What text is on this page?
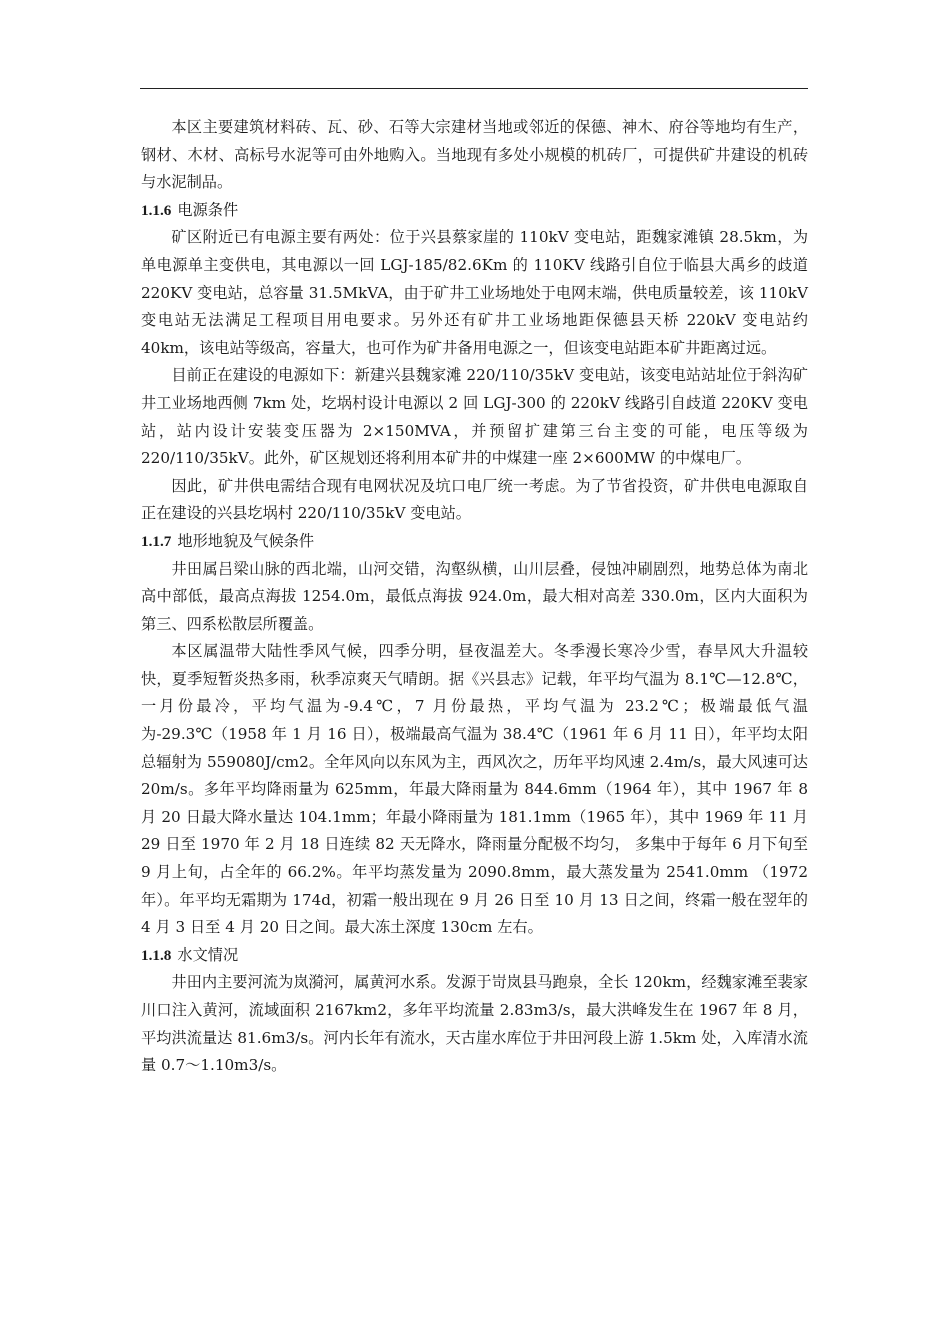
本区主要建筑材料砖、瓦、砂、石等大宗建材当地或邻近的保德、神木、府谷等地均有生产，钢材、木材、高标号水泥等可由外地购入。当地现有多处小规模的机砖厂，可提供矿井建设的机砖与水泥制品。

1.1.6 电源条件

矿区附近已有电源主要有两处：位于兴县蔡家崖的 110kV 变电站，距魏家滩镇 28.5km，为单电源单主变供电，其电源以一回 LGJ-185/82.6Km 的 110KV 线路引自位于临县大禹乡的歧道 220KV 变电站，总容量 31.5MkVA，由于矿井工业场地处于电网末端，供电质量较差，该 110kV 变电站无法满足工程项目用电要求。另外还有矿井工业场地距保德县天桥 220kV 变电站约 40km，该电站等级高，容量大，也可作为矿井备用电源之一，但该变电站距本矿井距离过远。

目前正在建设的电源如下：新建兴县魏家滩 220/110/35kV 变电站，该变电站站址位于斜沟矿井工业场地西侧 7km 处，圪埚村设计电源以 2 回 LGJ-300 的 220kV 线路引自歧道 220KV 变电站，站内设计安装变压器为 2×150MVA，并预留扩建第三台主变的可能，电压等级为 220/110/35kV。此外，矿区规划还将利用本矿井的中煤建一座 2×600MW 的中煤电厂。

因此，矿井供电需结合现有电网状况及坑口电厂统一考虑。为了节省投资，矿井供电电源取自正在建设的兴县圪埚村 220/110/35kV 变电站。

1.1.7 地形地貌及气候条件

井田属吕梁山脉的西北端，山河交错，沟壑纵横，山川层叠，侵蚀冲刷剧烈，地势总体为南北高中部低，最高点海拔 1254.0m，最低点海拔 924.0m，最大相对高差 330.0m，区内大面积为第三、四系松散层所覆盖。

本区属温带大陆性季风气候，四季分明，昼夜温差大。冬季漫长寒冷少雪，春旱风大升温较快，夏季短暂炎热多雨，秋季凉爽天气晴朗。据《兴县志》记载，年平均气温为 8.1℃—12.8℃，一月份最冷，平均气温为-9.4℃，7 月份最热，平均气温为 23.2℃；极端最低气温为-29.3℃（1958 年 1 月 16 日），极端最高气温为 38.4℃（1961 年 6 月 11 日），年平均太阳总辐射为 559080J/cm2。全年风向以东风为主，西风次之，历年平均风速 2.4m/s，最大风速可达 20m/s。多年平均降雨量为 625mm，年最大降雨量为 844.6mm（1964 年），其中 1967 年 8 月 20 日最大降水量达 104.1mm；年最小降雨量为 181.1mm（1965 年），其中 1969 年 11 月 29 日至 1970 年 2 月 18 日连续 82 天无降水，降雨量分配极不均匀， 多集中于每年 6 月下旬至 9 月上旬，占全年的 66.2%。年平均蒸发量为 2090.8mm，最大蒸发量为 2541.0mm （1972 年）。年平均无霜期为 174d，初霜一般出现在 9 月 26 日至 10 月 13 日之间，终霜一般在翌年的 4 月 3 日至 4 月 20 日之间。最大冻土深度 130cm 左右。

1.1.8 水文情况

井田内主要河流为岚漪河，属黄河水系。发源于岢岚县马跑泉，全长 120km，经魏家滩至裴家川口注入黄河，流域面积 2167km2，多年平均流量 2.83m3/s，最大洪峰发生在 1967 年 8 月，平均洪流量达 81.6m3/s。河内长年有流水，天古崖水库位于井田河段上游 1.5km 处，入库清水流量 0.7～1.10m3/s。
